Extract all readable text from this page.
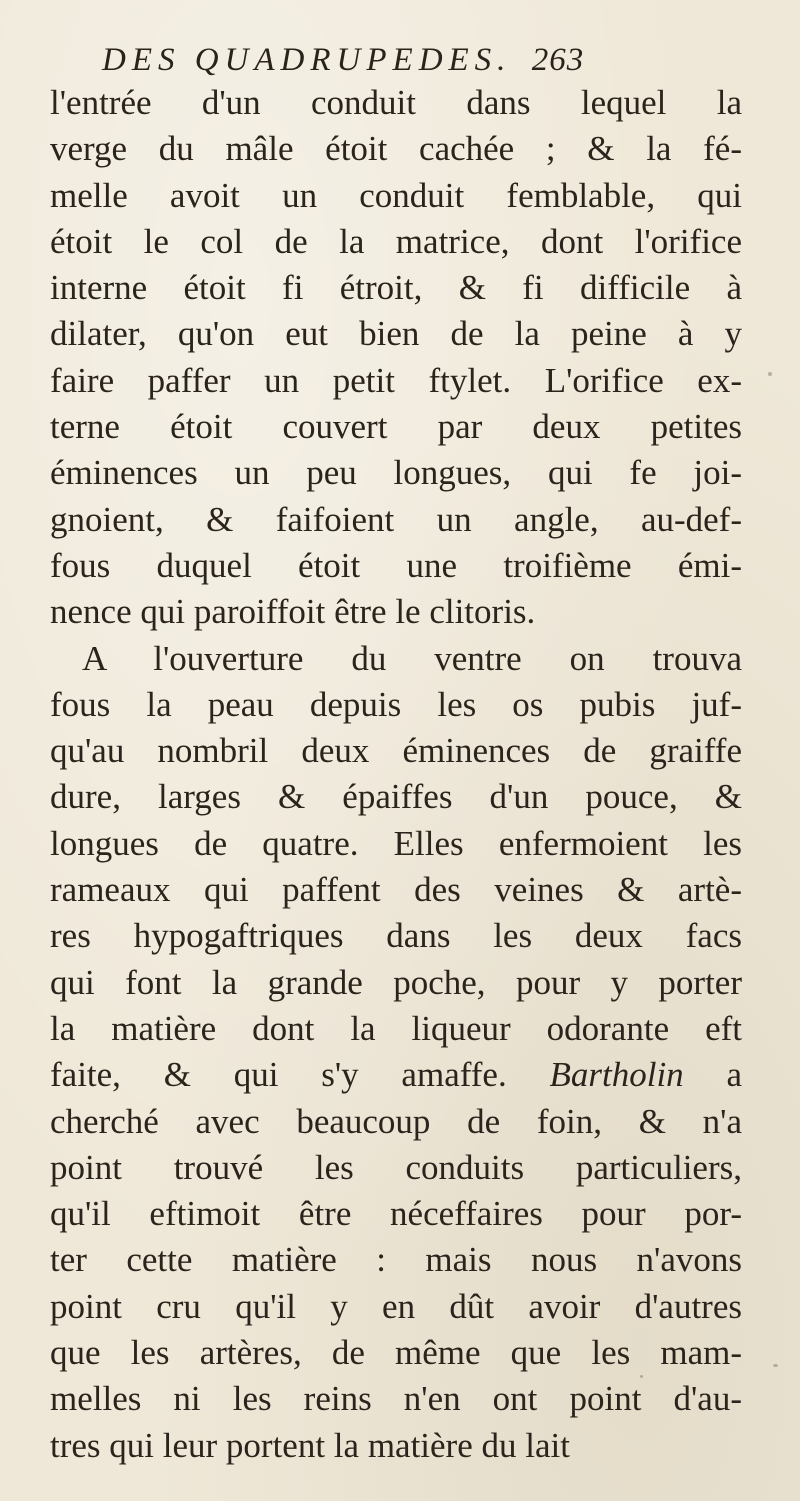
DES QUADRUPEDES. 263
l'entrée d'un conduit dans lequel la
verge du mâle étoit cachée ; & la fé-
melle avoit un conduit femblable, qui
étoit le col de la matrice, dont l'orifice
interne étoit fi étroit, & fi difficile à
dilater, qu'on eut bien de la peine à y
faire paffer un petit ftylet. L'orifice ex-
terne étoit couvert par deux petites
éminences un peu longues, qui fe joi-
gnoient, & faifoient un angle, au-def-
fous duquel étoit une troifième émi-
nence qui paroiffoit être le clitoris.
A l'ouverture du ventre on trouva
fous la peau depuis les os pubis juf-
qu'au nombril deux éminences de graiffe
dure, larges & épaiffes d'un pouce, &
longues de quatre. Elles enfermoient les
rameaux qui paffent des veines & artè-
res hypogaftriques dans les deux facs
qui font la grande poche, pour y porter
la matière dont la liqueur odorante eft
faite, & qui s'y amaffe. Bartholin a
cherché avec beaucoup de foin, & n'a
point trouvé les conduits particuliers,
qu'il eftimoit être néceffaires pour por-
ter cette matière : mais nous n'avons
point cru qu'il y en dût avoir d'autres
que les artères, de même que les mam-
melles ni les reins n'en ont point d'au-
tres qui leur portent la matière du lait
